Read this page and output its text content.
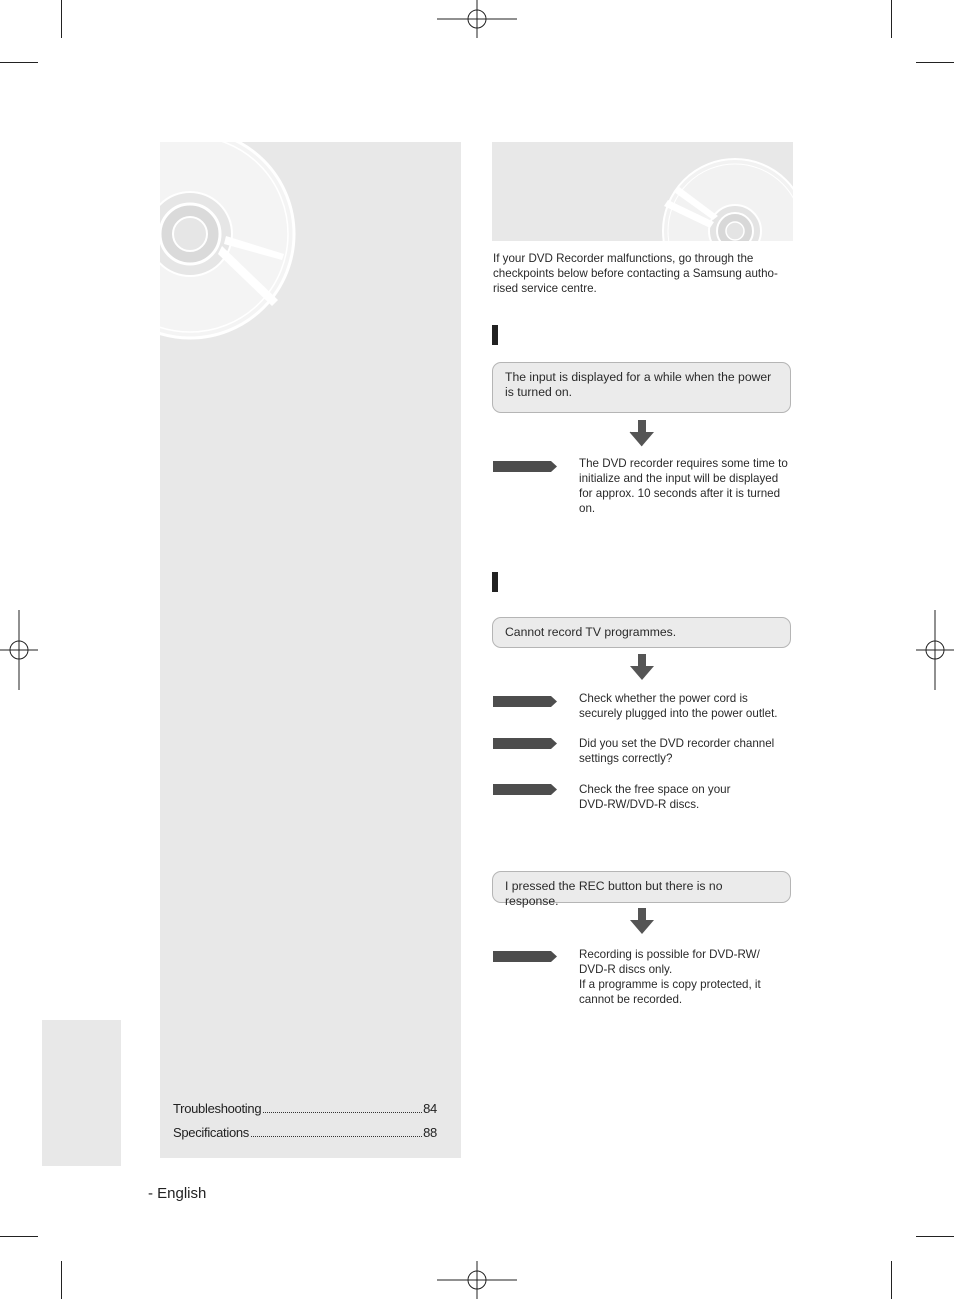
Troubleshooting	84
Specifications	88
- English
If your DVD Recorder malfunctions, go through the checkpoints below before contacting a Samsung autho-rised service centre.
The input is displayed for a while when the power is turned on.
The DVD recorder requires some time to initialize and the input will be displayed for approx. 10 seconds after it is turned on.
Cannot record TV programmes.
Check whether the power cord is securely plugged into the power outlet.
Did you set the DVD recorder channel settings correctly?
Check the free space on your DVD-RW/DVD-R discs.
I pressed the REC button but there is no response.
Recording is possible for DVD-RW/ DVD-R discs only.
If a programme is copy protected, it cannot be recorded.
